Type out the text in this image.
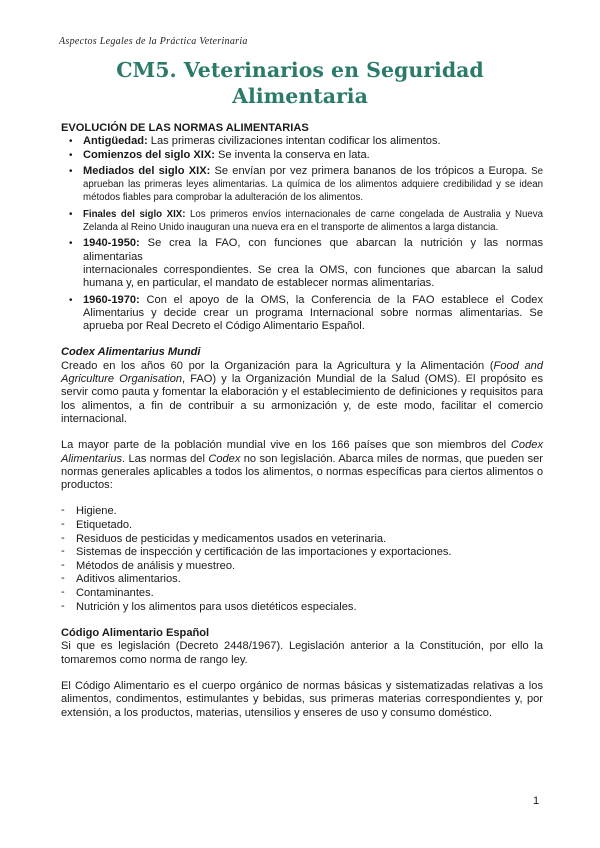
Aspectos Legales de la Práctica Veterinaria
CM5. Veterinarios en Seguridad
Alimentaria
EVOLUCIÓN DE LAS NORMAS ALIMENTARIAS
• Antigüedad: Las primeras civilizaciones intentan codificar los alimentos.
• Comienzos del siglo XIX: Se inventa la conserva en lata.
• Mediados del siglo XIX: Se envían por vez primera bananos de los trópicos a Europa. Se aprueban las primeras leyes alimentarias. La química de los alimentos adquiere credibilidad y se idean métodos fiables para comprobar la adulteración de los alimentos.
• Finales del siglo XIX: Los primeros envíos internacionales de carne congelada de Australia y Nueva Zelanda al Reino Unido inauguran una nueva era en el transporte de alimentos a larga distancia.
• 1940-1950: Se crea la FAO, con funciones que abarcan la nutrición y las normas alimentarias
internacionales correspondientes. Se crea la OMS, con funciones que abarcan la salud humana y, en particular, el mandato de establecer normas alimentarias.
• 1960-1970: Con el apoyo de la OMS, la Conferencia de la FAO establece el Codex Alimentarius y decide crear un programa Internacional sobre normas alimentarias. Se aprueba por Real Decreto el Código Alimentario Español.
Codex Alimentarius Mundi

Creado en los años 60 por la Organización para la Agricultura y la Alimentación (Food and Agriculture Organisation, FAO) y la Organización Mundial de la Salud (OMS). El propósito es servir como pauta y fomentar la elaboración y el establecimiento de definiciones y requisitos para los alimentos, a fin de contribuir a su armonización y, de este modo, facilitar el comercio internacional.

La mayor parte de la población mundial vive en los 166 países que son miembros del Codex Alimentarius. Las normas del Codex no son legislación. Abarca miles de normas, que pueden ser normas generales aplicables a todos los alimentos, o normas específicas para ciertos alimentos o productos:

- Higiene.
- Etiquetado.
- Residuos de pesticidas y medicamentos usados en veterinaria.
- Sistemas de inspección y certificación de las importaciones y exportaciones.
- Métodos de análisis y muestreo.
- Aditivos alimentarios.
- Contaminantes.
- Nutrición y los alimentos para usos dietéticos especiales.
Código Alimentario Español

Si que es legislación (Decreto 2448/1967). Legislación anterior a la Constitución, por ello la tomaremos como norma de rango ley.

El Código Alimentario es el cuerpo orgánico de normas básicas y sistematizadas relativas a los alimentos, condimentos, estimulantes y bebidas, sus primeras materias correspondientes y, por extensión, a los productos, materias, utensilios y enseres de uso y consumo doméstico.

1
